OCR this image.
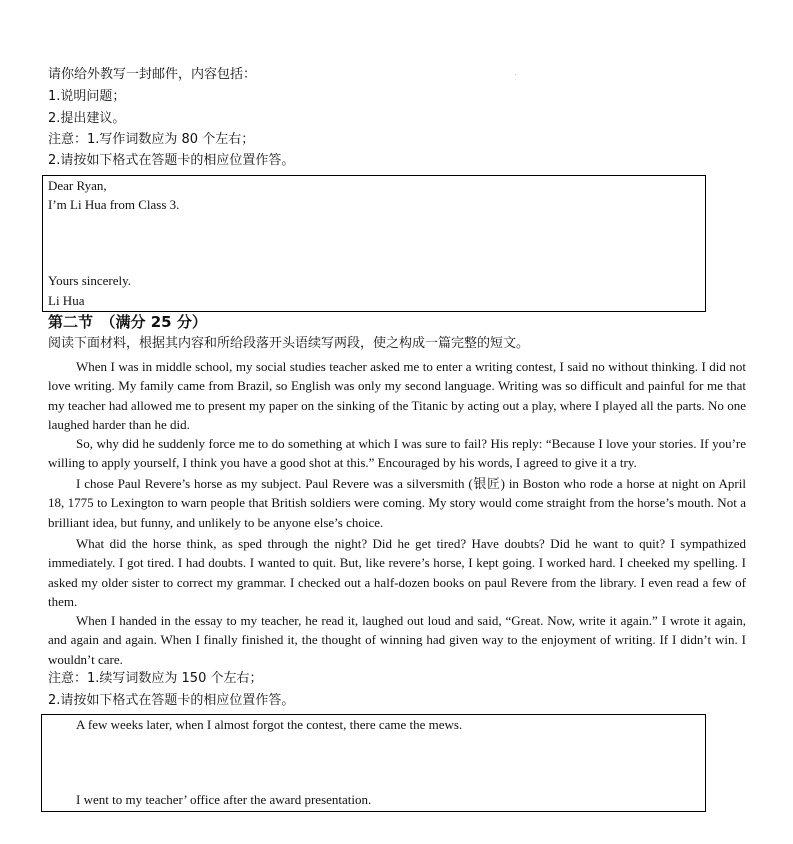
请你给外教写一封邮件，内容包括：
1.说明问题；
2.提出建议。
注意：1.写作词数应为 80 个左右；
2.请按如下格式在答题卡的相应位置作答。
Dear Ryan,
I’m Li Hua from Class 3.
Yours sincerely.
Li Hua
第二节　（满分 25 分）
阅读下面材料，根据其内容和所给段落开头语续写两段，使之构成一篇完整的短文。
When I was in middle school, my social studies teacher asked me to enter a writing contest, I said no without thinking. I did not love writing. My family came from Brazil, so English was only my second language. Writing was so difficult and painful for me that my teacher had allowed me to present my paper on the sinking of the Titanic by acting out a play, where I played all the parts. No one laughed harder than he did.
So, why did he suddenly force me to do something at which I was sure to fail? His reply: “Because I love your stories. If you’re willing to apply yourself, I think you have a good shot at this.” Encouraged by his words, I agreed to give it a try.
I chose Paul Revere’s horse as my subject. Paul Revere was a silversmith (银匠) in Boston who rode a horse at night on April 18, 1775 to Lexington to warn people that British soldiers were coming. My story would come straight from the horse’s mouth. Not a brilliant idea, but funny, and unlikely to be anyone else’s choice.
What did the horse think, as sped through the night? Did he get tired? Have doubts? Did he want to quit? I sympathized immediately. I got tired. I had doubts. I wanted to quit. But, like revere’s horse, I kept going. I worked hard. I cheeked my spelling. I asked my older sister to correct my grammar. I checked out a half-dozen books on paul Revere from the library. I even read a few of them.
When I handed in the essay to my teacher, he read it, laughed out loud and said, “Great. Now, write it again.” I wrote it again, and again and again. When I finally finished it, the thought of winning had given way to the enjoyment of writing. If I didn’t win. I wouldn’t care.
注意：1.续写词数应为 150 个左右；
2.请按如下格式在答题卡的相应位置作答。
A few weeks later, when I almost forgot the contest, there came the mews.
I went to my teacher’ office after the award presentation.
